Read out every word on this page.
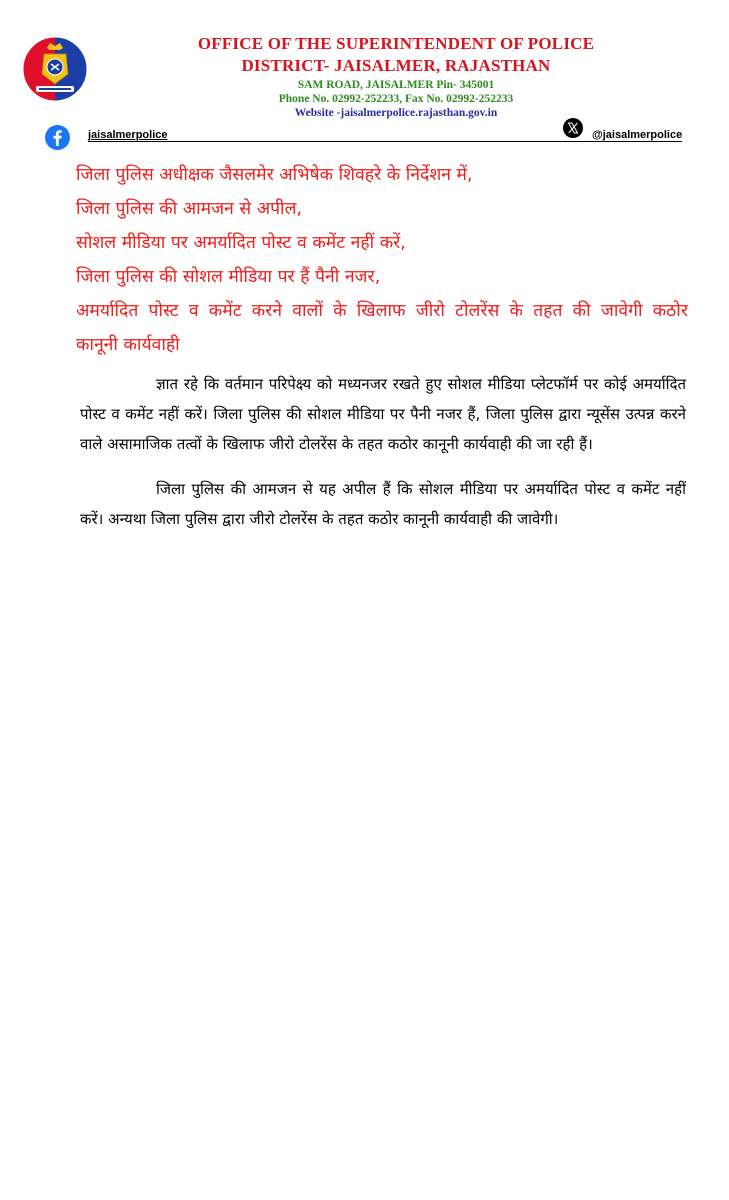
OFFICE OF THE SUPERINTENDENT OF POLICE
DISTRICT- JAISALMER, RAJASTHAN
SAM ROAD, JAISALMER Pin- 345001
Phone No. 02992-252233, Fax No. 02992-252233
Website -jaisalmerpolice.rajasthan.gov.in
jaisalmerpolice	@jaisalmerpolice
जिला पुलिस अधीक्षक जैसलमेर अभिषेक शिवहरे के निर्देशन में,
जिला पुलिस की आमजन से अपील,
सोशल मीडिया पर अमर्यादित पोस्ट व कमेंट नहीं करें,
जिला पुलिस की सोशल मीडिया पर हैं पैनी नजर,
अमर्यादित पोस्ट व कमेंट करने वालों के खिलाफ जीरो टोलरेंस के तहत की जावेगी कठोर
कानूनी कार्यवाही

ज्ञात रहे कि वर्तमान परिपेक्ष्य को मध्यनजर रखते हुए सोशल मीडिया प्लेटफॉर्म पर कोई अमर्यादित पोस्ट व कमेंट नहीं करें। जिला पुलिस की सोशल मीडिया पर पैनी नजर हैं, जिला पुलिस द्वारा न्यूसेंस उत्पन्न करने वाले असामाजिक तत्वों के खिलाफ जीरो टोलरेंस के तहत कठोर कानूनी कार्यवाही की जा रही हैं।

जिला पुलिस की आमजन से यह अपील हैं कि सोशल मीडिया पर अमर्यादित पोस्ट व कमेंट नहीं करें। अन्यथा जिला पुलिस द्वारा जीरो टोलरेंस के तहत कठोर कानूनी कार्यवाही की जावेगी।
